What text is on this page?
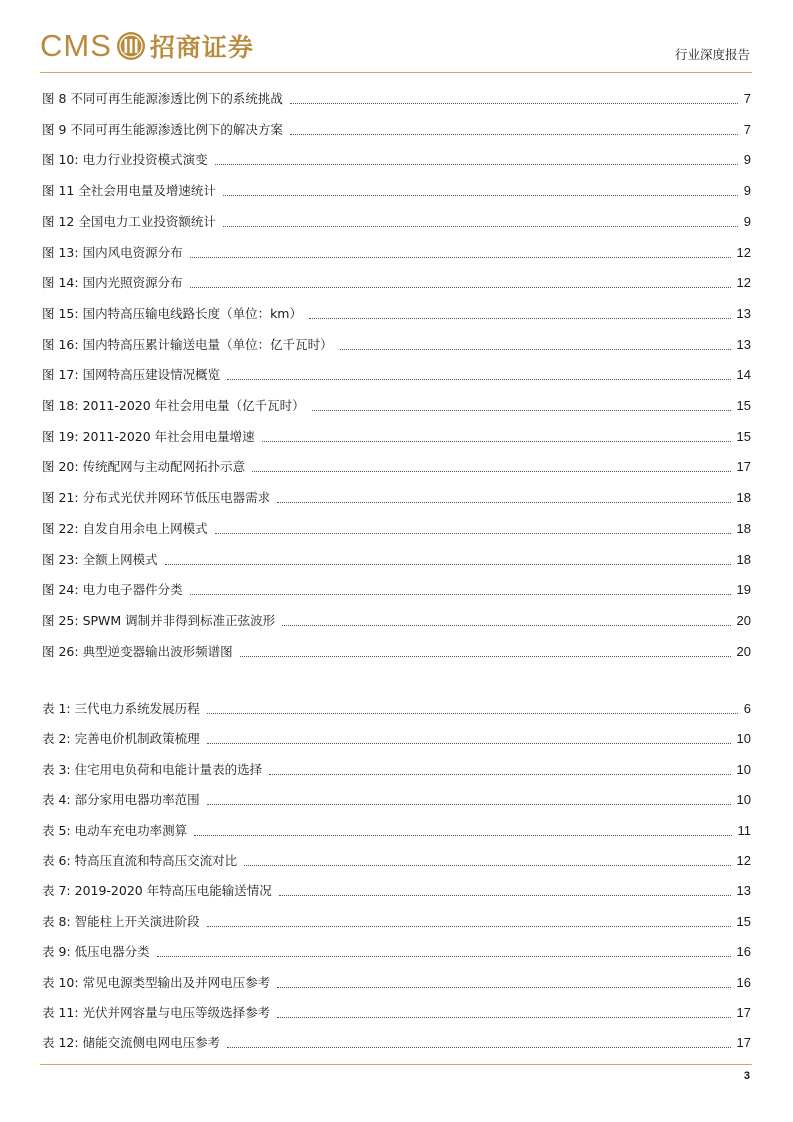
CMS 招商证券	行业深度报告
图 8 不同可再生能源渗透比例下的系统挑战	7
图 9 不同可再生能源渗透比例下的解决方案	7
图 10: 电力行业投资模式演变	9
图 11 全社会用电量及增速统计	9
图 12 全国电力工业投资额统计	9
图 13: 国内风电资源分布	12
图 14: 国内光照资源分布	12
图 15: 国内特高压输电线路长度（单位：km）	13
图 16: 国内特高压累计输送电量（单位：亿千瓦时）	13
图 17: 国网特高压建设情况概览	14
图 18: 2011-2020 年社会用电量（亿千瓦时）	15
图 19: 2011-2020 年社会用电量增速	15
图 20: 传统配网与主动配网拓扑示意	17
图 21: 分布式光伏并网环节低压电器需求	18
图 22: 自发自用余电上网模式	18
图 23: 全额上网模式	18
图 24: 电力电子器件分类	19
图 25: SPWM 调制并非得到标准正弦波形	20
图 26: 典型逆变器输出波形频谱图	20
表 1: 三代电力系统发展历程	6
表 2: 完善电价机制政策梳理	10
表 3: 住宅用电负荷和电能计量表的选择	10
表 4: 部分家用电器功率范围	10
表 5: 电动车充电功率测算	11
表 6: 特高压直流和特高压交流对比	12
表 7: 2019-2020 年特高压电能输送情况	13
表 8: 智能柱上开关演进阶段	15
表 9: 低压电器分类	16
表 10: 常见电源类型输出及并网电压参考	16
表 11: 光伏并网容量与电压等级选择参考	17
表 12: 储能交流侧电网电压参考	17
3
